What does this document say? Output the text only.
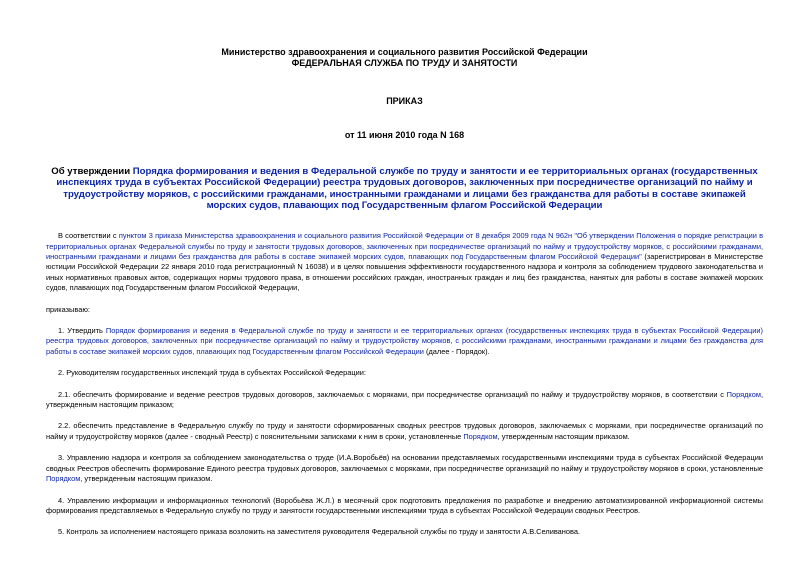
Министерство здравоохранения и социального развития Российской Федерации
ФЕДЕРАЛЬНАЯ СЛУЖБА ПО ТРУДУ И ЗАНЯТОСТИ
ПРИКАЗ
от 11 июня 2010 года N 168
Об утверждении Порядка формирования и ведения в Федеральной службе по труду и занятости и ее территориальных органах (государственных инспекциях труда в субъектах Российской Федерации) реестра трудовых договоров, заключенных при посредничестве организаций по найму и трудоустройству моряков, с российскими гражданами, иностранными гражданами и лицами без гражданства для работы в составе экипажей морских судов, плавающих под Государственным флагом Российской Федерации

В соответствии с пунктом 3 приказа Министерства здравоохранения и социального развития Российской Федерации от 8 декабря 2009 года N 962н "Об утверждении Положения о порядке регистрации в территориальных органах Федеральной службы по труду и занятости трудовых договоров, заключенных при посредничестве организаций по найму и трудоустройству моряков, с российскими гражданами, иностранными гражданами и лицами без гражданства для работы в составе экипажей морских судов, плавающих под Государственным флагом Российской Федерации" (зарегистрирован в Министерстве юстиции Российской Федерации 22 января 2010 года регистрационный N 16038) и в целях повышения эффективности государственного надзора и контроля за соблюдением трудового законодательства и иных нормативных правовых актов, содержащих нормы трудового права, в отношении российских граждан, иностранных граждан и лиц без гражданства, нанятых для работы в составе экипажей морских судов, плавающих под Государственным флагом Российской Федерации,

приказываю:

1. Утвердить Порядок формирования и ведения в Федеральной службе по труду и занятости и ее территориальных органах (государственных инспекциях труда в субъектах Российской Федерации) реестра трудовых договоров, заключенных при посредничестве организаций по найму и трудоустройству моряков, с российскими гражданами, иностранными гражданами и лицами без гражданства для работы в составе экипажей морских судов, плавающих под Государственным флагом Российской Федерации (далее - Порядок).

2. Руководителям государственных инспекций труда в субъектах Российской Федерации:

2.1. обеспечить формирование и ведение реестров трудовых договоров, заключаемых с моряками, при посредничестве организаций по найму и трудоустройству моряков, в соответствии с Порядком, утвержденным настоящим приказом;

2.2. обеспечить представление в Федеральную службу по труду и занятости сформированных сводных реестров трудовых договоров, заключаемых с моряками, при посредничестве организаций по найму и трудоустройству моряков (далее - сводный Реестр) с пояснительными записками к ним в сроки, установленные Порядком, утвержденным настоящим приказом.

3. Управлению надзора и контроля за соблюдением законодательства о труде (И.А.Воробьёв) на основании представляемых государственными инспекциями труда в субъектах Российской Федерации сводных Реестров обеспечить формирование Единого реестра трудовых договоров, заключаемых с моряками, при посредничестве организаций по найму и трудоустройству моряков в сроки, установленные Порядком, утвержденным настоящим приказом.

4. Управлению информации и информационных технологий (Воробьёва Ж.Л.) в месячный срок подготовить предложения по разработке и внедрению автоматизированной информационной системы формирования представляемых в Федеральную службу по труду и занятости государственными инспекциями труда в субъектах Российской Федерации сводных Реестров.

5. Контроль за исполнением настоящего приказа возложить на заместителя руководителя Федеральной службы по труду и занятости А.В.Селиванова.
